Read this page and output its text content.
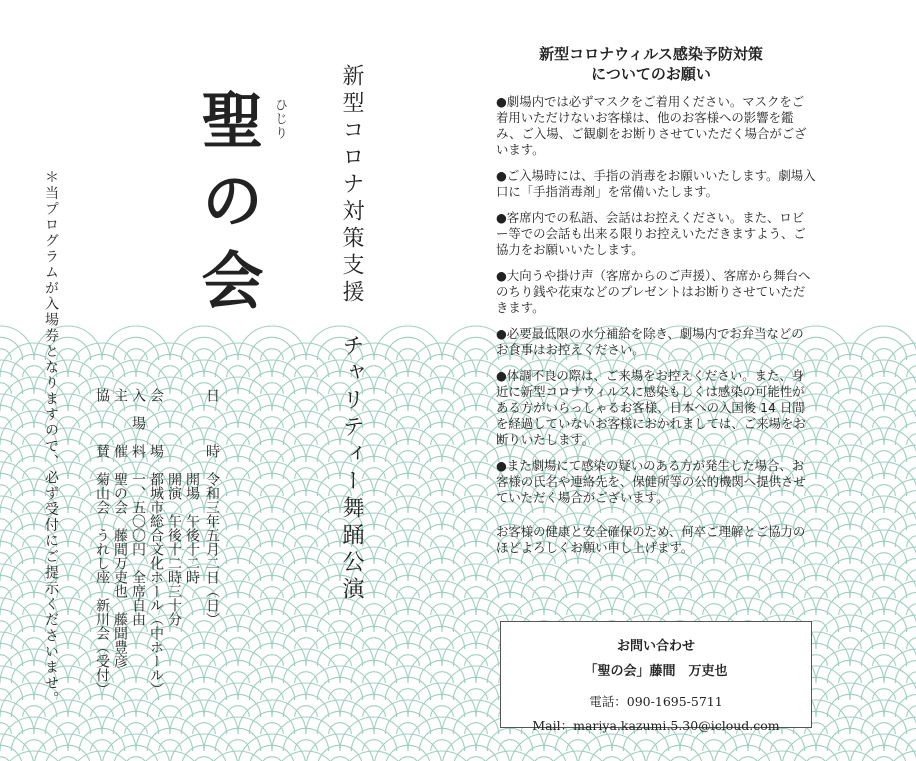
聖の会 ひじり 新型コロナ対策支援　チャリティー舞踊公演
＊当プログラムが入場券となりますので、必ず受付にご提示くださいませ。	日　　　時　令和三年五月二日（日）
　　　　　　開場　午後十二時
　　　　　　開演　午後十二時三十分
会　　　場　都城市総合文化ホール（中ホール）
入　場　料　一、五〇〇円　全席自由
主　　　催　聖の会　藤間万吏也　藤間豊彦
協　　　賛　菊山会　うれし座　新川会（受付）
新型コロナウィルス感染予防対策
についてのお願い
●劇場内では必ずマスクをご着用ください。マスクをご着用いただけないお客様は、他のお客様への影響を鑑み、ご入場、ご観劇をお断りさせていただく場合がございます。
●ご入場時には、手指の消毒をお願いいたします。劇場入口に「手指消毒剤」を常備いたします。
●客席内での私語、会話はお控えください。また、ロビー等での会話も出来る限りお控えいただきますよう、ご協力をお願いいたします。
●大向うや掛け声（客席からのご声援）、客席から舞台へのちり銭や花束などのプレゼントはお断りさせていただきます。
●必要最低限の水分補給を除き、劇場内でお弁当などのお食事はお控えください。
●体調不良の際は、ご来場をお控えください。また、身近に新型コロナウィルスに感染もしくは感染の可能性がある方がいらっしゃるお客様、日本への入国後 14 日間を経過していないお客様におかれましては、ご来場をお断りいたします。
●また劇場にて感染の疑いのある方が発生した場合、お客様の氏名や連絡先を、保健所等の公的機関へ提供させていただく場合がございます。
お客様の健康と安全確保のため、何卒ご理解とご協力のほどよろしくお願い申し上げます。
お問い合わせ
「聖の会」藤間　万吏也
電話：090-1695-5711
Mail：mariya.kazumi.5.30@icloud.com
